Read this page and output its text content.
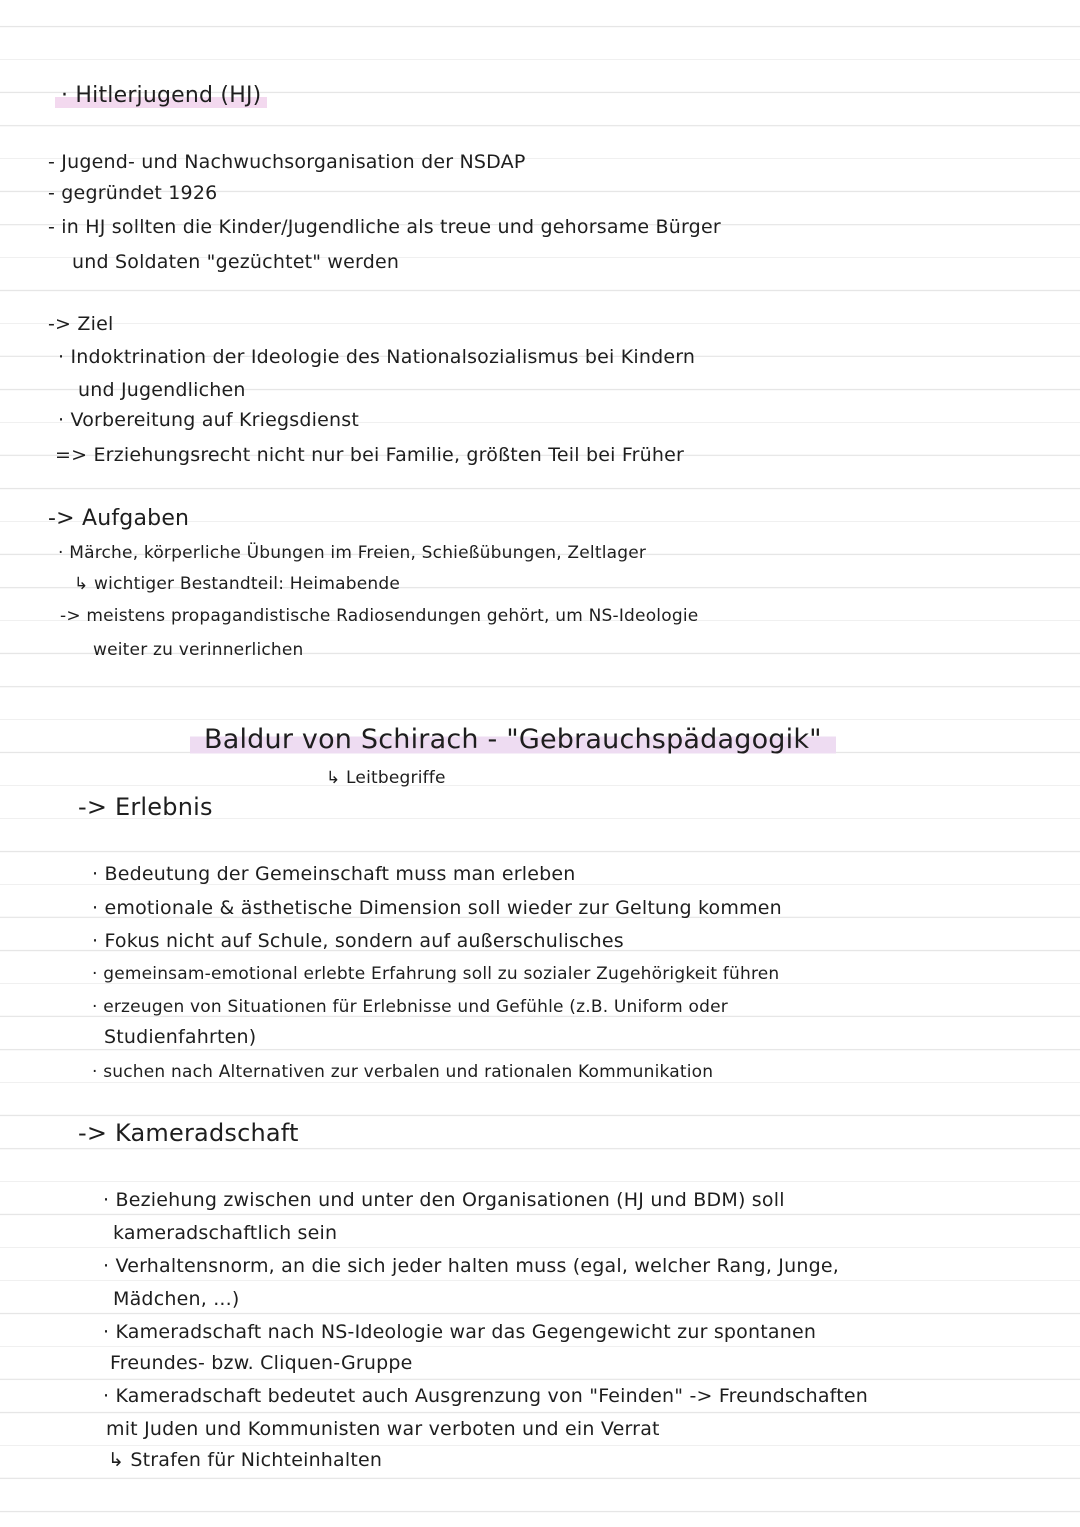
· Hitlerjugend (HJ)
- Jugend- und Nachwuchsorganisation der NSDAP
- gegründet 1926
- in HJ sollten die Kinder/Jugendliche als treue und gehorsame Bürger
und Soldaten "gezüchtet" werden
-> Ziel
· Indoktrination der Ideologie des Nationalsozialismus bei Kindern
und Jugendlichen
· Vorbereitung auf Kriegsdienst
=> Erziehungsrecht nicht nur bei Familie, größten Teil bei Früher
-> Aufgaben
· Märche, körperliche Übungen im Freien, Schießübungen, Zeltlager
↳ wichtiger Bestandteil: Heimabende
-> meistens propagandistische Radiosendungen gehört, um NS-Ideologie
weiter zu verinnerlichen
Baldur von Schirach - "Gebrauchspädagogik"
↳ Leitbegriffe
-> Erlebnis
· Bedeutung der Gemeinschaft muss man erleben
· emotionale & ästhetische Dimension soll wieder zur Geltung kommen
· Fokus nicht auf Schule, sondern auf außerschulisches
· gemeinsam-emotional erlebte Erfahrung soll zu sozialer Zugehörigkeit führen
· erzeugen von Situationen für Erlebnisse und Gefühle (z.B. Uniform oder
Studienfahrten)
· suchen nach Alternativen zur verbalen und rationalen Kommunikation
-> Kameradschaft
· Beziehung zwischen und unter den Organisationen (HJ und BDM) soll
kameradschaftlich sein
· Verhaltensnorm, an die sich jeder halten muss (egal, welcher Rang, Junge,
Mädchen, ...)
· Kameradschaft nach NS-Ideologie war das Gegengewicht zur spontanen
Freundes- bzw. Cliquen-Gruppe
· Kameradschaft bedeutet auch Ausgrenzung von "Feinden" -> Freundschaften
mit Juden und Kommunisten war verboten und ein Verrat
↳ Strafen für Nichteinhalten
